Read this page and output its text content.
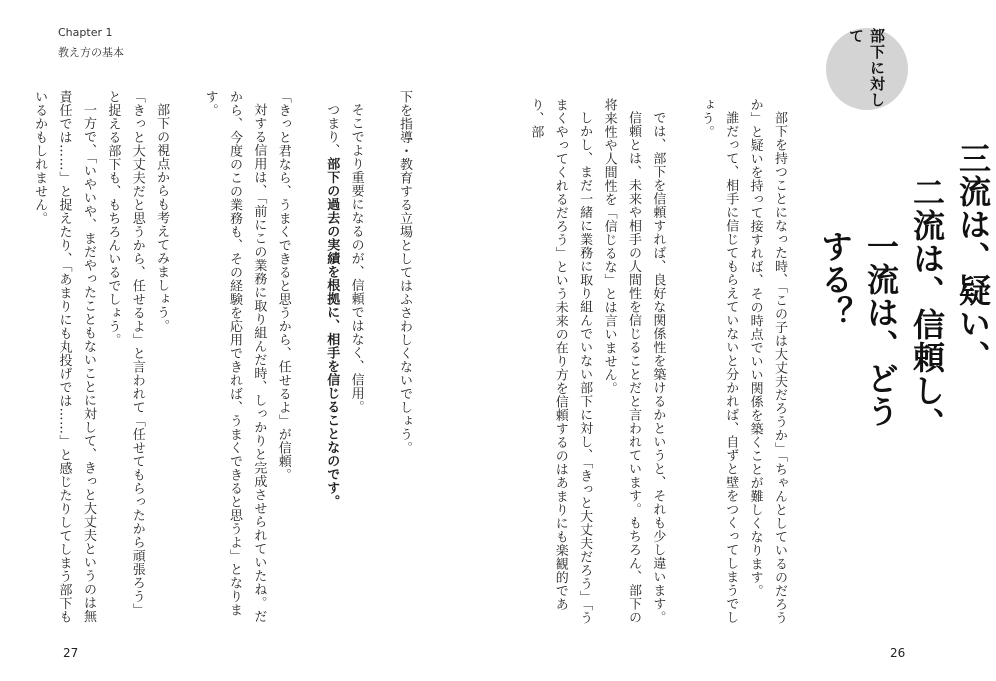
Chapter 1
教え方の基本	部下に対して
三流は、疑い、
二流は、信頼し、
一流は、どうする？
部下を持つことになった時、「この子は大丈夫だろうか」「ちゃんとしているのだろうか」と疑いを持って接すれば、その時点でいい関係を築くことが難しくなります。
誰だって、相手に信じてもらえていないと分かれば、自ずと壁をつくってしまうでしょう。
では、部下を信頼すれば、良好な関係性を築けるかというと、それも少し違います。
信頼とは、未来や相手の人間性を信じることだと言われています。もちろん、部下の将来性や人間性を「信じるな」とは言いません。
しかし、まだ一緒に業務に取り組んでいない部下に対し、「きっと大丈夫だろう」「うまくやってくれるだろう」という未来の在り方を信頼するのはあまりにも楽観的であり、部
下を指導・教育する立場としてはふさわしくないでしょう。
そこでより重要になるのが、信頼ではなく、信用。
つまり、部下の過去の実績を根拠に、相手を信じることなのです。
「きっと君なら、うまくできると思うから、任せるよ」が信頼。
対する信用は、「前にこの業務に取り組んだ時、しっかりと完成させられていたね。だから、今度のこの業務も、その経験を応用できれば、うまくできると思うよ」となります。
部下の視点からも考えてみましょう。
「きっと大丈夫だと思うから、任せるよ」と言われて「任せてもらったから頑張ろう」と捉える部下も、もちろんいるでしょう。
一方で、「いやいや、まだやったこともないことに対して、きっと大丈夫というのは無責任では……」と捉えたり、「あまりにも丸投げでは……」と感じたりしてしまう部下もいるかもしれません。
27	26
